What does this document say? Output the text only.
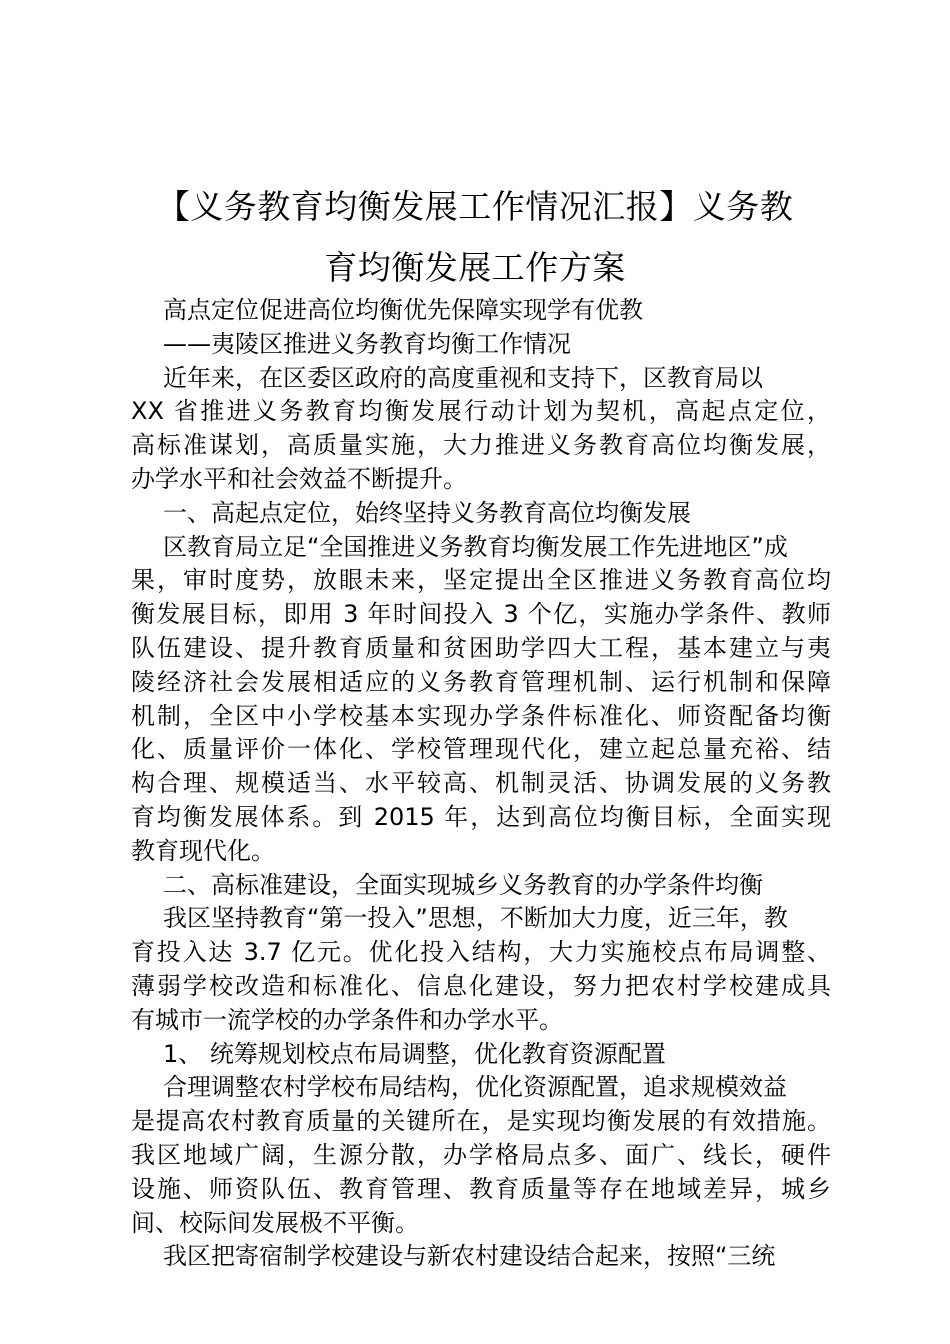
【义务教育均衡发展工作情况汇报】义务教
育均衡发展工作方案
高点定位促进高位均衡优先保障实现学有优教
——夷陵区推进义务教育均衡工作情况
近年来，在区委区政府的高度重视和支持下，区教育局以
XX 省推进义务教育均衡发展行动计划为契机，高起点定位，
高标准谋划，高质量实施，大力推进义务教育高位均衡发展，
办学水平和社会效益不断提升。
一、高起点定位，始终坚持义务教育高位均衡发展
区教育局立足“全国推进义务教育均衡发展工作先进地区”成
果，审时度势，放眼未来，坚定提出全区推进义务教育高位均
衡发展目标，即用 3 年时间投入 3 个亿，实施办学条件、教师
队伍建设、提升教育质量和贫困助学四大工程，基本建立与夷
陵经济社会发展相适应的义务教育管理机制、运行机制和保障
机制，全区中小学校基本实现办学条件标准化、师资配备均衡
化、质量评价一体化、学校管理现代化，建立起总量充裕、结
构合理、规模适当、水平较高、机制灵活、协调发展的义务教
育均衡发展体系。到 2015 年，达到高位均衡目标，全面实现
教育现代化。
二、高标准建设，全面实现城乡义务教育的办学条件均衡
我区坚持教育“第一投入”思想，不断加大力度，近三年，教
育投入达 3.7 亿元。优化投入结构，大力实施校点布局调整、
薄弱学校改造和标准化、信息化建设，努力把农村学校建成具
有城市一流学校的办学条件和办学水平。
1、 统筹规划校点布局调整，优化教育资源配置
合理调整农村学校布局结构，优化资源配置，追求规模效益
是提高农村教育质量的关键所在，是实现均衡发展的有效措施。
我区地域广阔，生源分散，办学格局点多、面广、线长，硬件
设施、师资队伍、教育管理、教育质量等存在地域差异，城乡
间、校际间发展极不平衡。
我区把寄宿制学校建设与新农村建设结合起来，按照“三统
